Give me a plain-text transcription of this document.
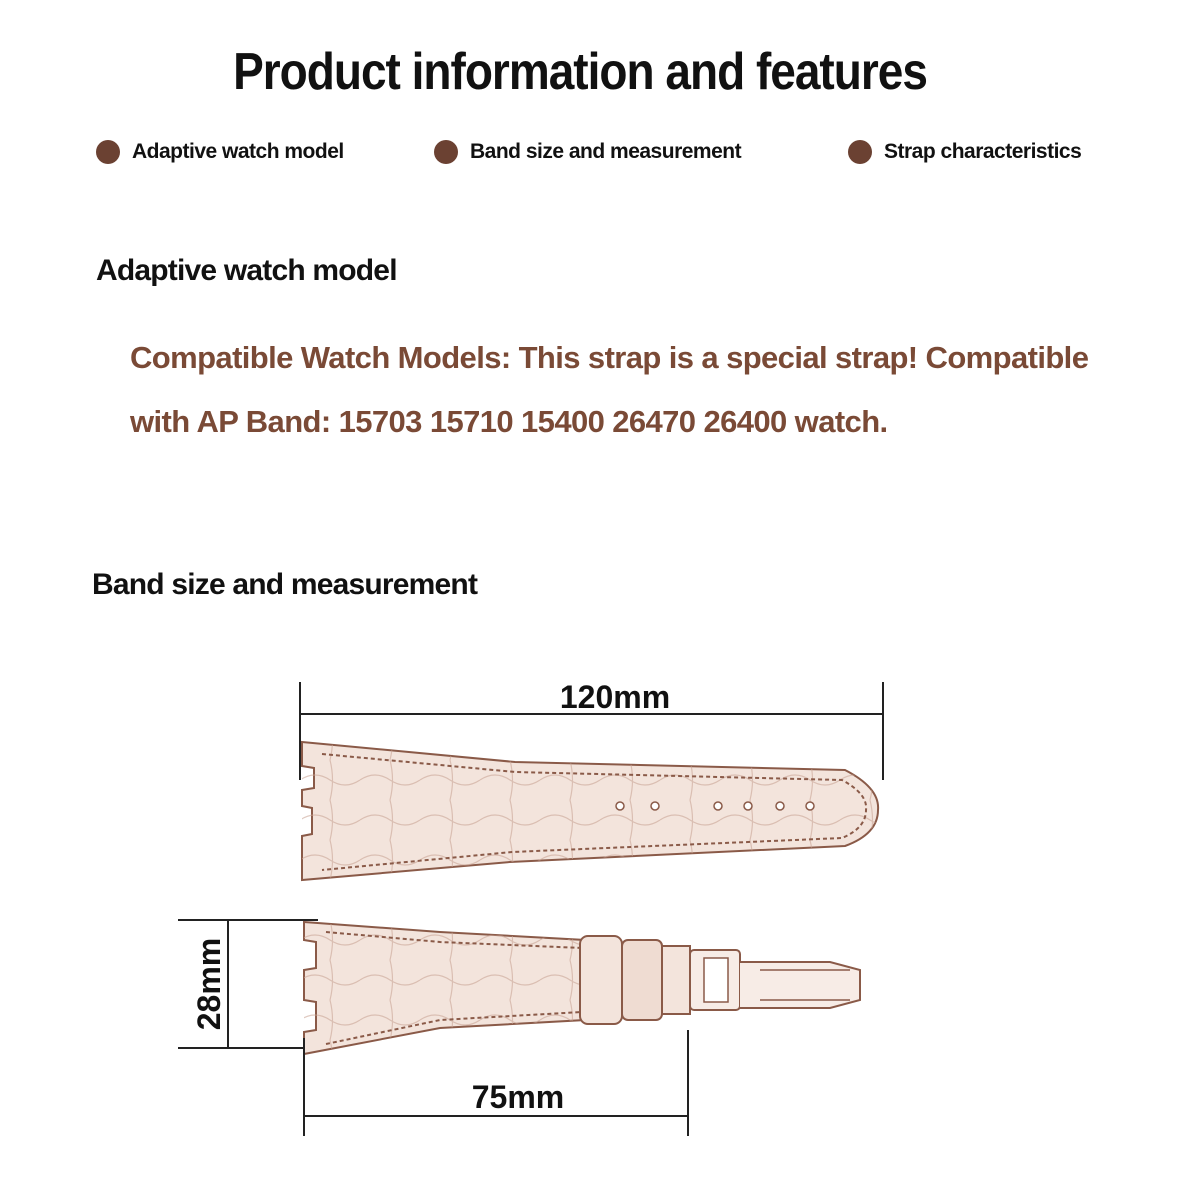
Product information and features
Adaptive watch model	Band size and measurement	Strap characteristics
Adaptive watch model
Compatible Watch Models: This strap is a special strap! Compatible
with AP Band: 15703 15710 15400 26470 26400 watch.
Band size and measurement
120mm
28mm
75mm
